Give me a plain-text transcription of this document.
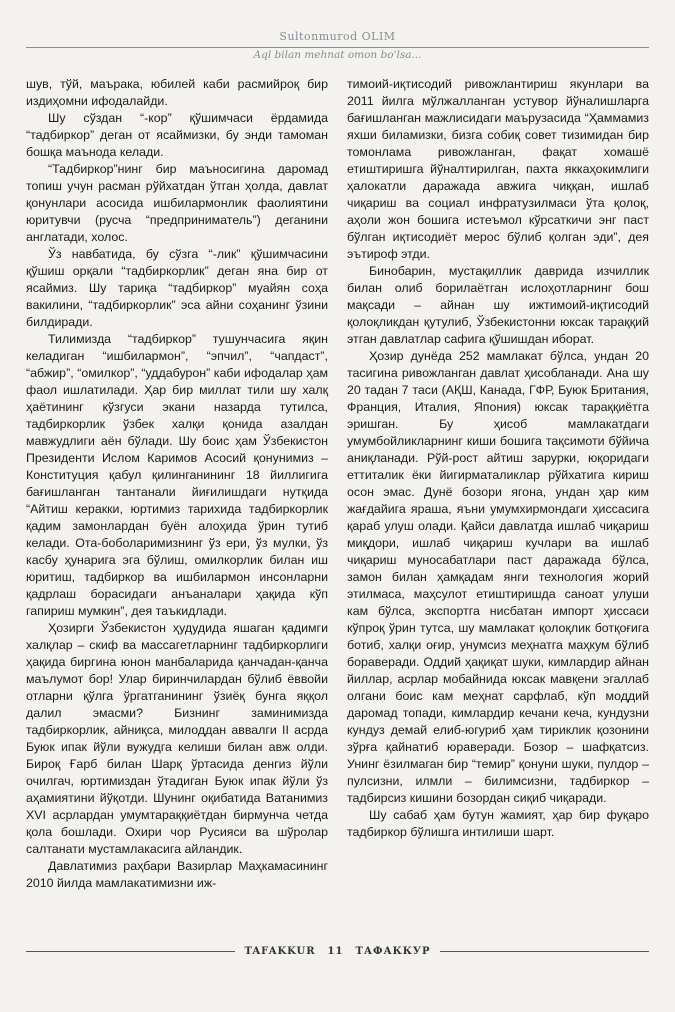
Sultonmurod OLIM
Aql bilan mehnat omon bo'lsa...

шув, тўй, маъракa, юбилей каби расмийроқ бир издиҳомни ифодалайди.

Шу сўздан “-кор” қўшимчаси ёрдамида “тадбиркор” деган от ясаймизки, бу энди тамоман бошқа маънода келади.

“Тадбиркор”нинг бир маъносигина даромад топиш учун расман рўйхатдан ўтган ҳолда, давлат қонунлари асосида ишбилармонлик фаолиятини юритувчи (русча “предприниматель”) деганини англатади, холос.

Ўз навбатида, бу сўзга “-лик” қўшимчасини қўшиш орқали “тадбиркорлик” деган яна бир от ясаймиз. Шу тариқа “тадбиркор” муайян соҳа вакилини, “тадбиркорлик” эса айни соҳанинг ўзини билдиради.

Тилимизда “тадбиркор” тушунчасига яқин келадиган “ишбилармон”, “эпчил”, “чапдаст”, “абжир”, “омилкор”, “уддабурон” каби ифодалар ҳам фаол ишлатилади. Ҳар бир миллат тили шу халқ ҳаётининг кўзгуси экани назарда тутилса, тадбиркорлик ўзбек халқи қонида азалдан мавжудлиги аён бўлади. Шу боис ҳам Ўзбекистон Президенти Ислом Каримов Асосий қонунимиз – Конституция қабул қилинганининг 18 йиллигига бағишланган тантанали йиғилишдаги нутқида “Айтиш керакки, юртимиз тарихида тадбиркорлик қадим замонлардан буён алоҳида ўрин тутиб келади. Ота-боболаримизнинг ўз ери, ўз мулки, ўз касбу ҳунарига эга бўлиш, омилкорлик билан иш юритиш, тадбиркор ва ишбилармон инсонларни қадрлаш борасидаги анъаналари ҳақида кўп гапириш мумкин”, дея таъкидлади.

Ҳозирги Ўзбекистон ҳудудида яшаган қадимги халқлар – скиф ва массагетларнинг тадбиркорлиги ҳақида биргина юнон манбаларида қанчадан-қанча маълумот бор! Улар биринчилардан бўлиб ёввойи отларни қўлга ўргатганининг ўзиёқ бунга яққол далил эмасми? Бизнинг заминимизда тадбиркорлик, айниқса, милоддан аввалги II асрда Буюк ипак йўли вужудга келиши билан авж олди. Бироқ Ғарб билан Шарқ ўртасида денгиз йўли очилгач, юртимиздан ўтадиган Буюк ипак йўли ўз аҳамиятини йўқотди. Шунинг оқибатида Ватанимиз XVI асрлардан умумтараққиётдан бирмунча четда қола бошлади. Охири чор Русияси ва шўролар салтанати мустамлакасига айландик.

Давлатимиз раҳбари Вазирлар Маҳкамасининг 2010 йилда мамлакатимизни иж-

тимоий-иқтисодий ривожлантириш якунлари ва 2011 йилга мўлжалланган устувор йўналишларга бағишланган мажлисидаги маърузасида “Ҳаммамиз яхши биламизки, бизга собиқ совет тизимидан бир томонлама ривожланган, фақат хомашё етиштиришга йўналтирилган, пахта яккаҳокимлиги ҳалокатли даражада авжига чиққан, ишлаб чиқариш ва социал инфратузилмаси ўта қолоқ, аҳоли жон бошига истеъмол кўрсаткичи энг паст бўлган иқтисодиёт мерос бўлиб қолган эди”, дея эътироф этди.

Бинобарин, мустақиллик даврида изчиллик билан олиб борилаётган ислоҳотларнинг бош мақсади – айнан шу ижтимоий-иқтисодий қолоқликдан қутулиб, Ўзбекистонни юксак тараққий этган давлатлар сафига қўшишдан иборат.

Ҳозир дунёда 252 мамлакат бўлса, ундан 20 тасигина ривожланган давлат ҳисобланади. Ана шу 20 тадан 7 таси (АҚШ, Канада, ГФР, Буюк Британия, Франция, Италия, Япония) юксак тараққиётга эришган. Бу ҳисоб мамлакатдаги умумбойликларнинг киши бошига тақсимоти бўйича аниқланади. Рўй-рост айтиш зарурки, юқоридаги еттиталик ёки йигирматаликлар рўйхатига кириш осон эмас. Дунё бозори ягона, ундан ҳар ким жағдайига яраша, яъни умумхирмондаги ҳиссасига қараб улуш олади. Қайси давлатда ишлаб чиқариш миқдори, ишлаб чиқариш кучлари ва ишлаб чиқариш муносабатлари паст даражада бўлса, замон билан ҳамқадам янги технология жорий этилмаса, маҳсулот етиштиришда саноат улуши кам бўлса, экспортга нисбатан импорт ҳиссаси кўпроқ ўрин тутса, шу мамлакат қолоқлик ботқоғига ботиб, халқи оғир, унумсиз меҳнатга маҳкум бўлиб бораверади. Оддий ҳақиқат шуки, кимлардир айнан йиллар, асрлар мобайнида юксак мавқени эгаллаб олгани боис кам меҳнат сарфлаб, кўп моддий даромад топади, кимлардир кечани кеча, кундузни кундуз демай елиб-югуриб ҳам тириклик қозонини зўрға қайнатиб юраверади. Бозор – шафқатсиз. Унинг ёзилмаган бир “темир” қонуни шуки, пулдор – пулсизни, илмли – билимсизни, тадбиркор – тадбирсиз кишини бозордан сиқиб чиқаради.

Шу сабаб ҳам бутун жамият, ҳар бир фуқаро тадбиркор бўлишга интилиши шарт.

TAFAKKUR 11 ТАФАККУР
